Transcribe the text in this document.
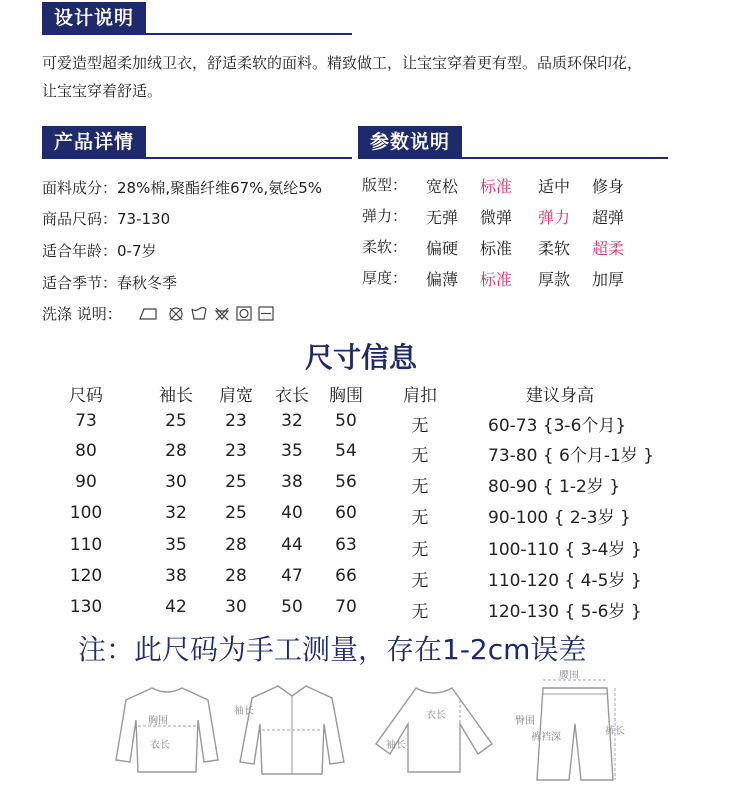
设计说明
可爱造型超柔加绒卫衣，舒适柔软的面料。精致做工，让宝宝穿着更有型。品质环保印花，
让宝宝穿着舒适。
产品详情
面料成分：28%棉,聚酯纤维67%,氨纶5%
商品尺码：73-130
适合年龄：0-7岁
适合季节：春秋冬季
洗涤 说明：
参数说明
版型： 宽松 标准 适中 修身
弹力： 无弹 微弹 弹力 超弹
柔软： 偏硬 标准 柔软 超柔
厚度： 偏薄 标准 厚款 加厚
尺寸信息
尺码	袖长	肩宽	衣长	胸围	肩扣	建议身高
73	25	23	32	50	无	60-73 {3-6个月}
80	28	23	35	54	无	73-80 { 6个月-1岁 }
90	30	25	38	56	无	80-90 { 1-2岁 }
100	32	25	40	60	无	90-100 { 2-3岁 }
110	35	28	44	63	无	100-110 { 3-4岁 }
120	38	28	47	66	无	110-120 { 4-5岁 }
130	42	30	50	70	无	120-130 { 5-6岁 }
注：此尺码为手工测量，存在1-2cm误差
胸围
衣长
袖长	衣长
袖长
腰围
臀围
裤裆深
裤长
